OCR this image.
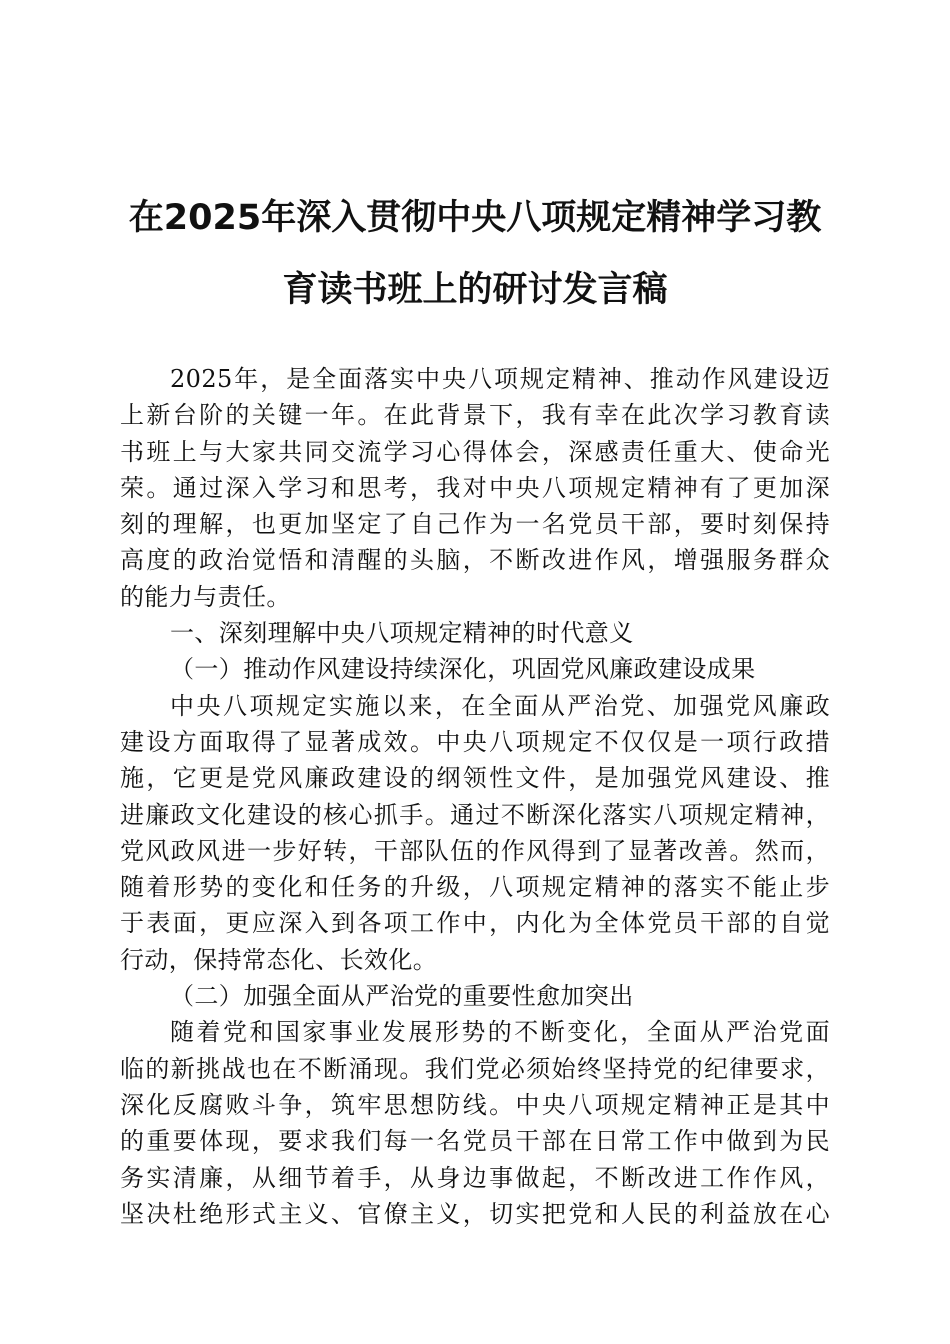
在2025年深入贯彻中央八项规定精神学习教
育读书班上的研讨发言稿
2025年，是全面落实中央八项规定精神、推动作风建设迈
上新台阶的关键一年。在此背景下，我有幸在此次学习教育读
书班上与大家共同交流学习心得体会，深感责任重大、使命光
荣。通过深入学习和思考，我对中央八项规定精神有了更加深
刻的理解，也更加坚定了自己作为一名党员干部，要时刻保持
高度的政治觉悟和清醒的头脑，不断改进作风，增强服务群众
的能力与责任。
一、深刻理解中央八项规定精神的时代意义
（一）推动作风建设持续深化，巩固党风廉政建设成果
中央八项规定实施以来，在全面从严治党、加强党风廉政
建设方面取得了显著成效。中央八项规定不仅仅是一项行政措
施，它更是党风廉政建设的纲领性文件，是加强党风建设、推
进廉政文化建设的核心抓手。通过不断深化落实八项规定精神，
党风政风进一步好转，干部队伍的作风得到了显著改善。然而，
随着形势的变化和任务的升级，八项规定精神的落实不能止步
于表面，更应深入到各项工作中，内化为全体党员干部的自觉
行动，保持常态化、长效化。
（二）加强全面从严治党的重要性愈加突出
随着党和国家事业发展形势的不断变化，全面从严治党面
临的新挑战也在不断涌现。我们党必须始终坚持党的纪律要求，
深化反腐败斗争，筑牢思想防线。中央八项规定精神正是其中
的重要体现，要求我们每一名党员干部在日常工作中做到为民
务实清廉，从细节着手，从身边事做起，不断改进工作作风，
坚决杜绝形式主义、官僚主义，切实把党和人民的利益放在心
